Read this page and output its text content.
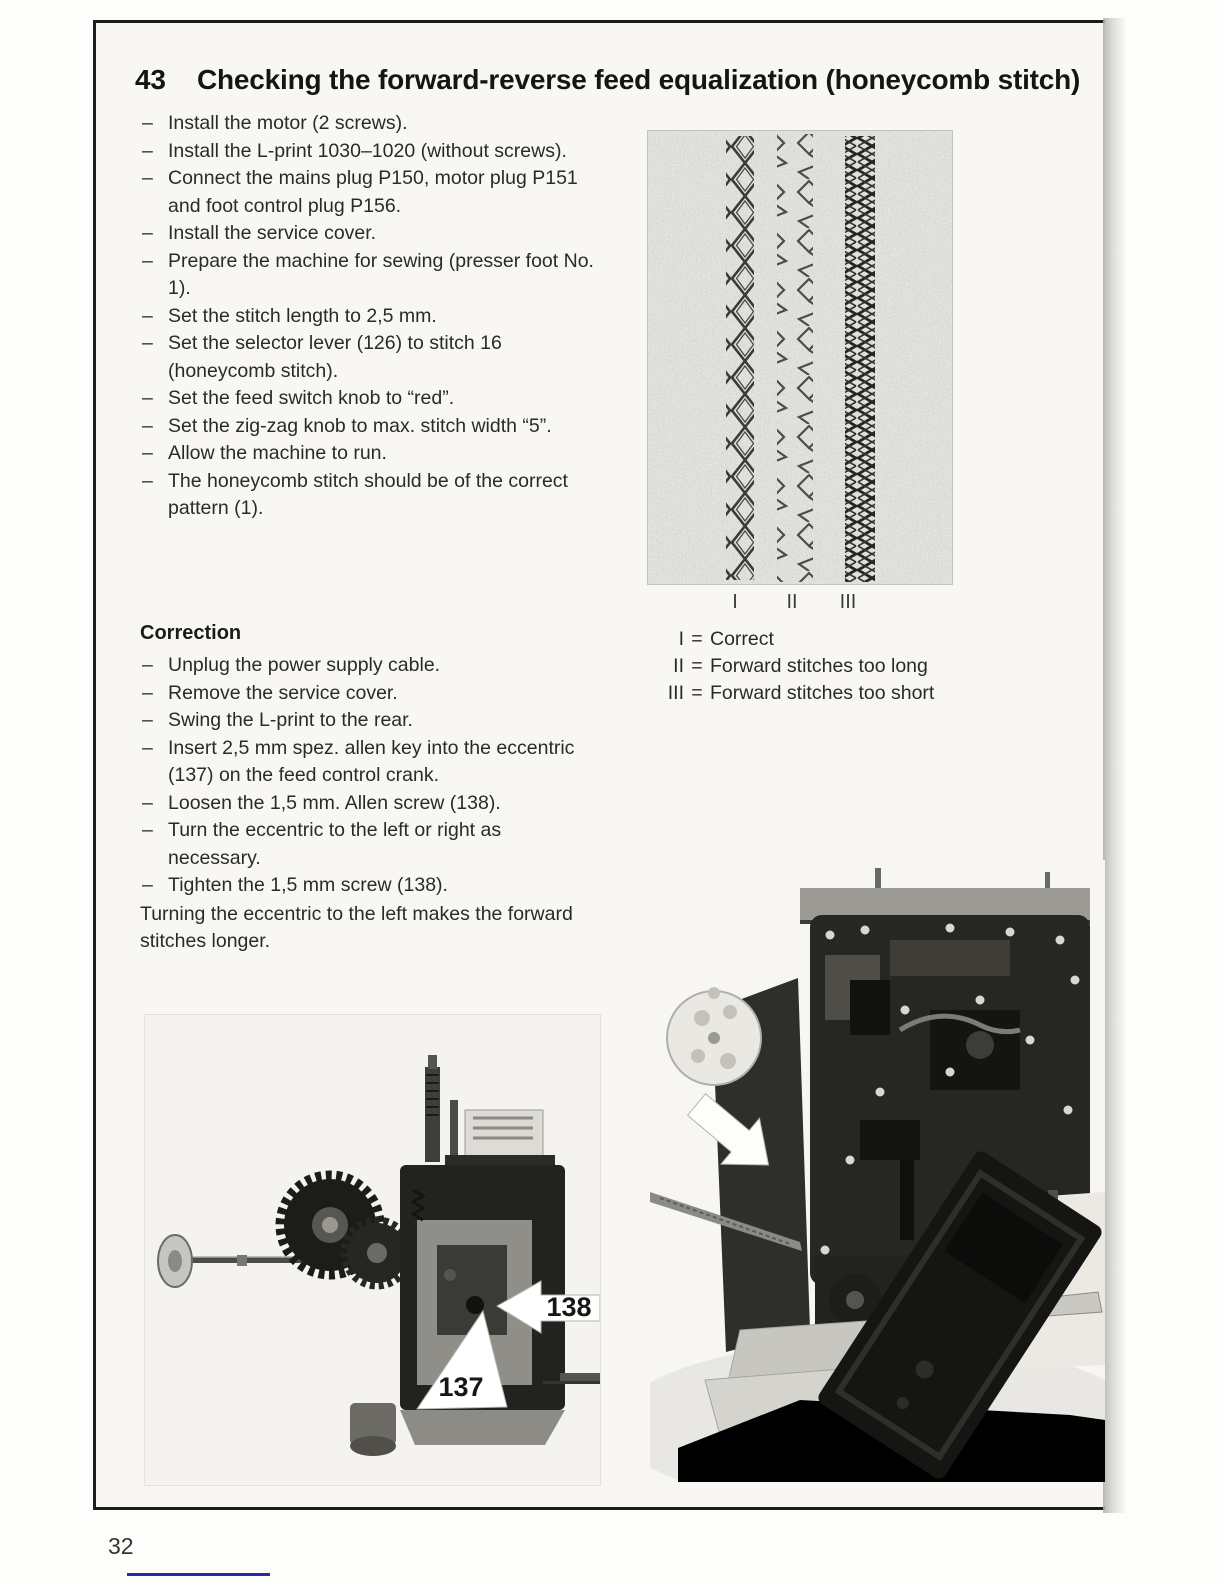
43	Checking the forward-reverse feed equalization (honeycomb stitch)
– Install the motor (2 screws).
– Install the L-print 1030–1020 (without screws).
– Connect the mains plug P150, motor plug P151 and foot control plug P156.
– Install the service cover.
– Prepare the machine for sewing (presser foot No. 1).
– Set the stitch length to 2,5 mm.
– Set the selector lever (126) to stitch 16 (honeycomb stitch).
– Set the feed switch knob to “red”.
– Set the zig-zag knob to max. stitch width “5”.
– Allow the machine to run.
– The honeycomb stitch should be of the correct pattern (1).
I	II	III
I = Correct
II = Forward stitches too long
III = Forward stitches too short
Correction
– Unplug the power supply cable.
– Remove the service cover.
– Swing the L-print to the rear.
– Insert 2,5 mm spez. allen key into the eccentric (137) on the feed control crank.
– Loosen the 1,5 mm. Allen screw (138).
– Turn the eccentric to the left or right as necessary.
– Tighten the 1,5 mm screw (138).

Turning the eccentric to the left makes the forward stitches longer.

138
137
32
